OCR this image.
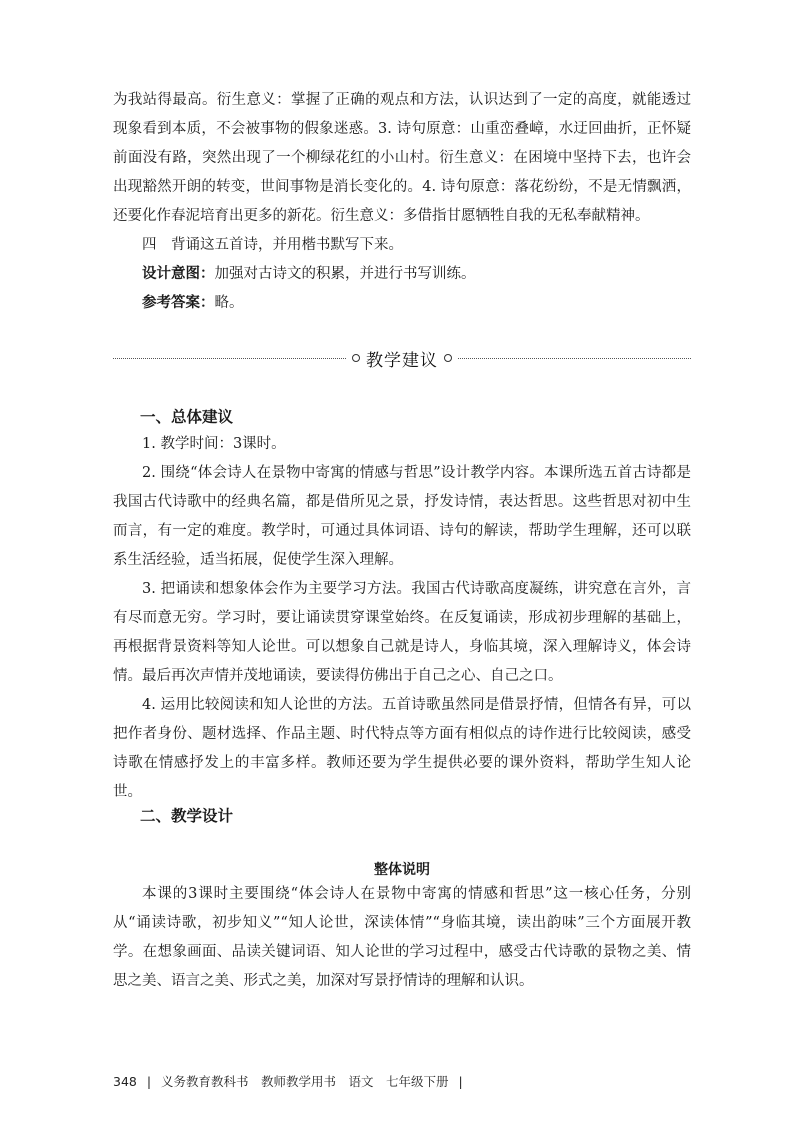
为我站得最高。衍生意义：掌握了正确的观点和方法，认识达到了一定的高度，就能透过现象看到本质，不会被事物的假象迷惑。3. 诗句原意：山重峦叠嶂，水迂回曲折，正怀疑前面没有路，突然出现了一个柳绿花红的小山村。衍生意义：在困境中坚持下去，也许会出现豁然开朗的转变，世间事物是消长变化的。4. 诗句原意：落花纷纷，不是无情飘洒，还要化作春泥培育出更多的新花。衍生意义：多借指甘愿牺牲自我的无私奉献精神。

四　背诵这五首诗，并用楷书默写下来。

设计意图：加强对古诗文的积累，并进行书写训练。

参考答案：略。

教学建议
一、总体建议

1. 教学时间：3课时。

2. 围绕“体会诗人在景物中寄寓的情感与哲思”设计教学内容。本课所选五首古诗都是我国古代诗歌中的经典名篇，都是借所见之景，抒发诗情，表达哲思。这些哲思对初中生而言，有一定的难度。教学时，可通过具体词语、诗句的解读，帮助学生理解，还可以联系生活经验，适当拓展，促使学生深入理解。

3. 把诵读和想象体会作为主要学习方法。我国古代诗歌高度凝练，讲究意在言外，言有尽而意无穷。学习时，要让诵读贯穿课堂始终。在反复诵读，形成初步理解的基础上，再根据背景资料等知人论世。可以想象自己就是诗人，身临其境，深入理解诗义，体会诗情。最后再次声情并茂地诵读，要读得仿佛出于自己之心、自己之口。

4. 运用比较阅读和知人论世的方法。五首诗歌虽然同是借景抒情，但情各有异，可以把作者身份、题材选择、作品主题、时代特点等方面有相似点的诗作进行比较阅读，感受诗歌在情感抒发上的丰富多样。教师还要为学生提供必要的课外资料，帮助学生知人论世。

二、教学设计
整体说明

本课的3课时主要围绕“体会诗人在景物中寄寓的情感和哲思”这一核心任务，分别从“诵读诗歌，初步知义”“知人论世，深读体情”“身临其境，读出韵味”三个方面展开教学。在想象画面、品读关键词语、知人论世的学习过程中，感受古代诗歌的景物之美、情思之美、语言之美、形式之美，加深对写景抒情诗的理解和认识。

348 | 义务教育教科书　教师教学用书　语文　七年级下册 |
